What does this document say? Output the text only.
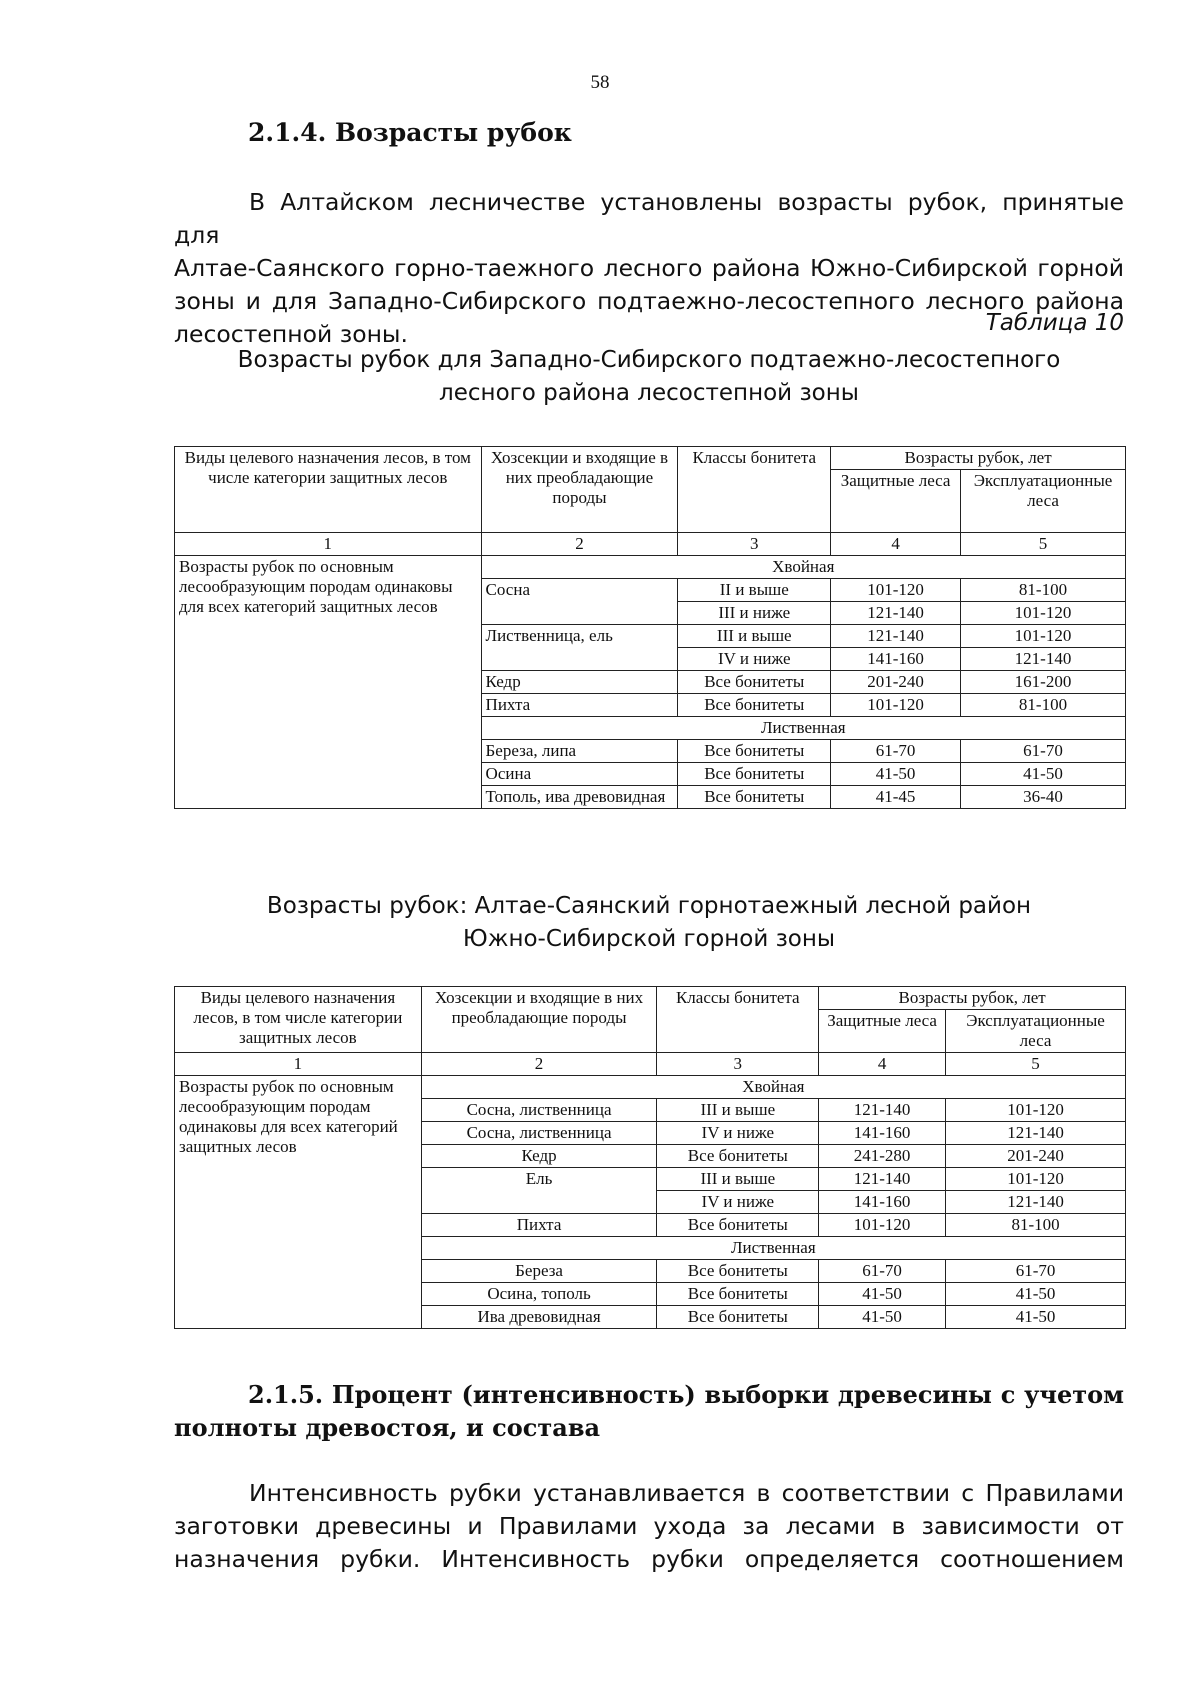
58
2.1.4. Возрасты рубок
В Алтайском лесничестве установлены возрасты рубок, принятые для
Алтае-Саянского горно-таежного лесного района Южно-Сибирской горной
зоны и для Западно-Сибирского подтаежно-лесостепного лесного района
лесостепной зоны.	Таблица 10
Возрасты рубок для Западно-Сибирского подтаежно-лесостепного
лесного района лесостепной зоны
Виды целевого назначения лесов, в том числе категории защитных лесов	Хозсекции и входящие в них преобладающие породы	Классы бонитета	Возрасты рубок, лет	
			Защитные леса	Эксплуатационные леса
1	2	3	4	5
Возрасты рубок по основным лесообразующим породам одинаковы для всех категорий защитных лесов	Хвойная			
	Сосна	II и выше	101-120	81-100
		III и ниже	121-140	101-120
	Лиственница, ель	III и выше	121-140	101-120
		IV и ниже	141-160	121-140
	Кедр	Все бонитеты	201-240	161-200
	Пихта	Все бонитеты	101-120	81-100
	Лиственная			
	Береза, липа	Все бонитеты	61-70	61-70
	Осина	Все бонитеты	41-50	41-50
	Тополь, ива древовидная	Все бонитеты	41-45	36-40
Возрасты рубок: Алтае-Саянский горнотаежный лесной район
Южно-Сибирской горной зоны
Виды целевого назначения лесов, в том числе категории защитных лесов	Хозсекции и входящие в них преобладающие породы	Классы бонитета	Возрасты рубок, лет	
			Защитные леса	Эксплуатационные леса
1	2	3	4	5
Возрасты рубок по основным лесообразующим породам одинаковы для всех категорий защитных лесов	Хвойная			
	Сосна, лиственница	III и выше	121-140	101-120
	Сосна, лиственница	IV и ниже	141-160	121-140
	Кедр	Все бонитеты	241-280	201-240
	Ель	III и выше	121-140	101-120
		IV и ниже	141-160	121-140
	Пихта	Все бонитеты	101-120	81-100
	Лиственная			
	Береза	Все бонитеты	61-70	61-70
	Осина, тополь	Все бонитеты	41-50	41-50
	Ива древовидная	Все бонитеты	41-50	41-50
2.1.5. Процент (интенсивность) выборки древесины с учетом
полноты древостоя, и состава
Интенсивность рубки устанавливается в соответствии с Правилами
заготовки древесины и Правилами ухода за лесами в зависимости от
назначения рубки. Интенсивность рубки определяется соотношением
